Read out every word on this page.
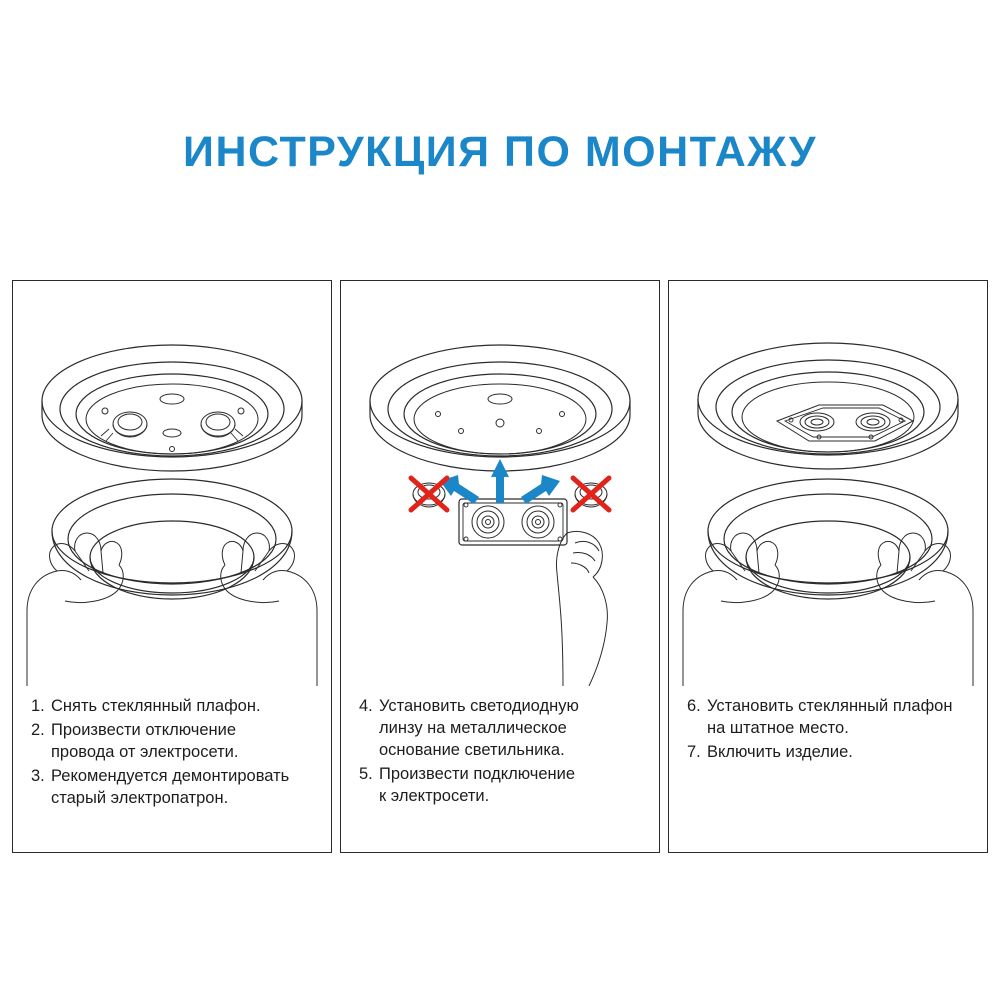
ИНСТРУКЦИЯ ПО МОНТАЖУ
1. Снять стеклянный плафон.
2. Произвести отключение
провода от электросети.
3. Рекомендуется демонтировать
старый электропатрон.
4. Установить светодиодную
линзу на металлическое
основание светильника.
5. Произвести подключение
к электросети.
6. Установить стеклянный плафон
на штатное место.
7. Включить изделие.
